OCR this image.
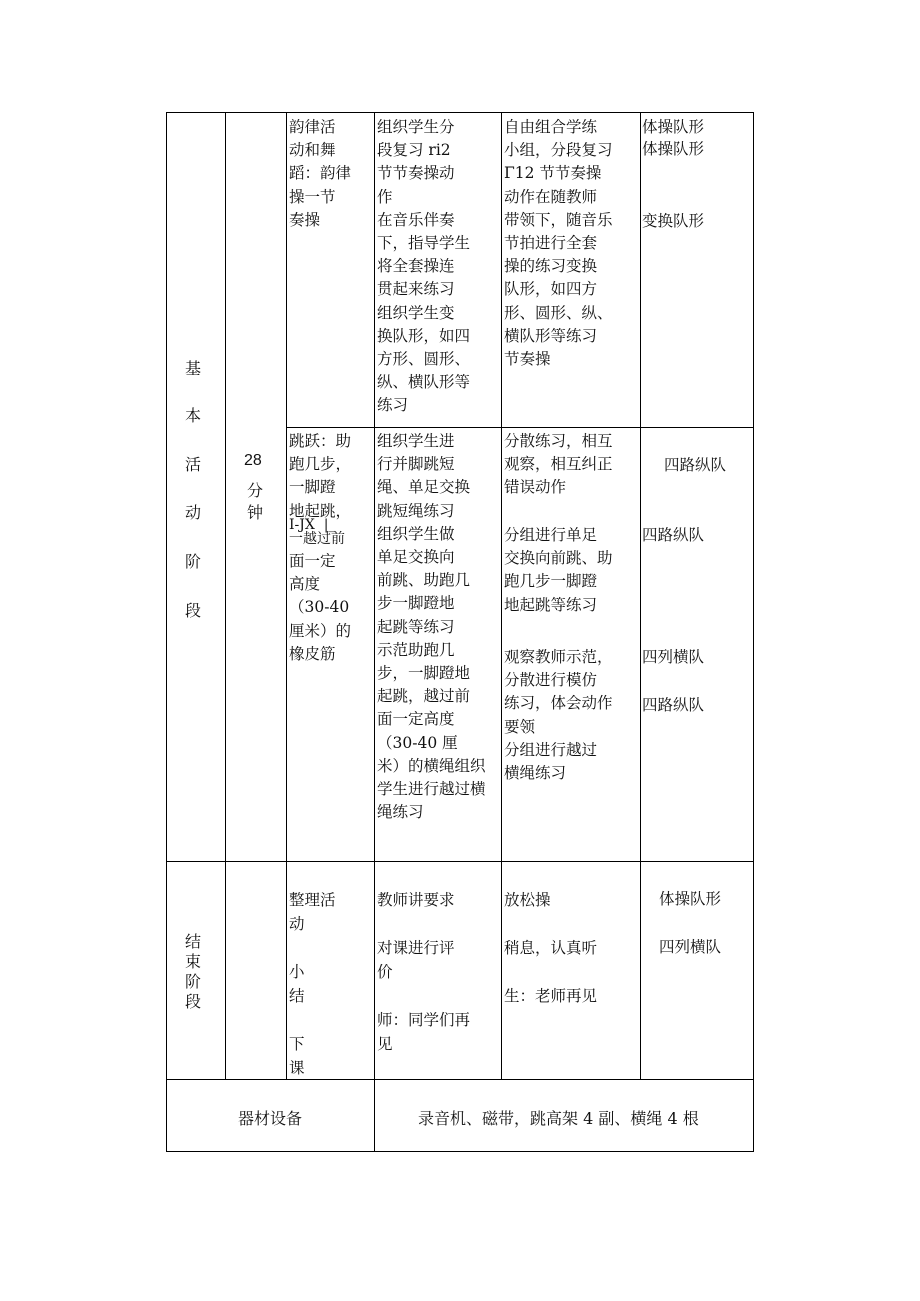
基
本
活
动
阶
段
28
分
钟
韵律活
动和舞
蹈：韵律
操一节
奏操
组织学生分
段复习 ri2
节节奏操动
作
在音乐伴奏
下，指导学生
将全套操连
贯起来练习
组织学生变
换队形，如四
方形、圆形、
纵、横队形等
练习
自由组合学练
小组，分段复习
Γ12 节节奏操
动作在随教师
带领下，随音乐
节拍进行全套
操的练习变换
队形，如四方
形、圆形、纵、
横队形等练习
节奏操
体操队形
体操队形
变换队形
跳跃：助
跑几步，
一脚蹬
地起跳，
I-JX  |_
一越过前
面一定
高度
（30-40
厘米）的
橡皮筋
组织学生进
行并脚跳短
绳、单足交换
跳短绳练习
组织学生做
单足交换向
前跳、助跑几
步一脚蹬地
起跳等练习
示范助跑几
步，一脚蹬地
起跳，越过前
面一定高度
（30-40 厘
米）的横绳组织
学生进行越过横
绳练习
分散练习，相互
观察，相互纠正
错误动作
分组进行单足
交换向前跳、助
跑几步一脚蹬
地起跳等练习
观察教师示范，
分散进行模仿
练习，体会动作
要领
分组进行越过
横绳练习
四路纵队
四路纵队
四列横队
四路纵队
结
束
阶
段
整理活
动

小
结

下
课
教师讲要求

对课进行评
价

师：同学们再
见
放松操

稍息，认真听

生：老师再见
体操队形
四列横队
器材设备	录音机、磁带，跳高架 4 副、横绳 4 根
